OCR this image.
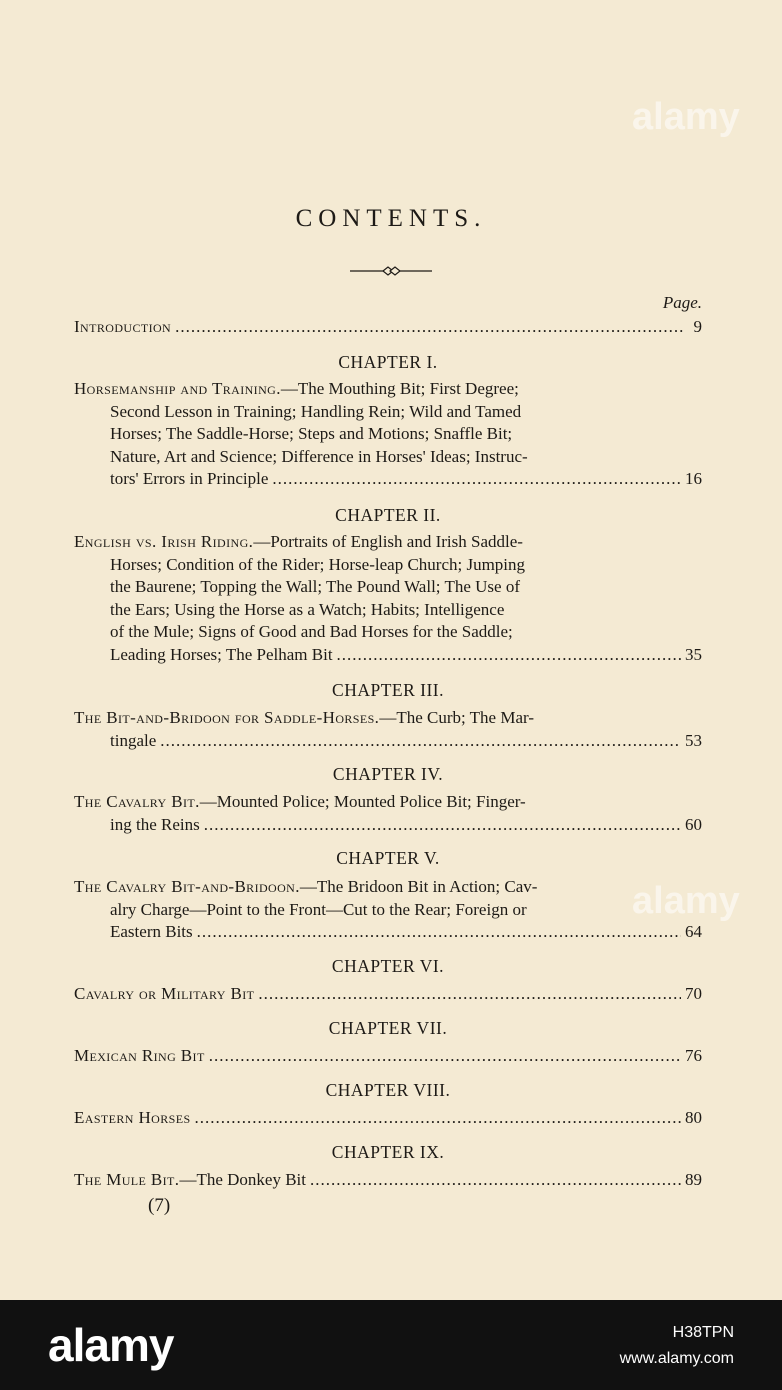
alamy
alamy
CONTENTS.
Page.
Introduction .....	9
CHAPTER I.
Horsemanship and Training.—The Mouthing Bit; First Degree;
Second Lesson in Training; Handling Rein; Wild and Tamed
Horses; The Saddle-Horse; Steps and Motions; Snaffle Bit;
Nature, Art and Science; Difference in Horses' Ideas; Instruc-
tors' Errors in Principle .....	16
CHAPTER II.
English vs. Irish Riding.—Portraits of English and Irish Saddle-
Horses; Condition of the Rider; Horse-leap Church; Jumping
the Baurene; Topping the Wall; The Pound Wall; The Use of
the Ears; Using the Horse as a Watch; Habits; Intelligence
of the Mule; Signs of Good and Bad Horses for the Saddle;
Leading Horses; The Pelham Bit .....	35
CHAPTER III.
The Bit-and-Bridoon for Saddle-Horses.—The Curb; The Mar-
tingale .....	53
CHAPTER IV.
The Cavalry Bit.—Mounted Police; Mounted Police Bit; Finger-
ing the Reins .....	60
CHAPTER V.
The Cavalry Bit-and-Bridoon.—The Bridoon Bit in Action; Cav-
alry Charge—Point to the Front—Cut to the Rear; Foreign or
Eastern Bits .....	64
CHAPTER VI.
Cavalry or Military Bit .....	70
CHAPTER VII.
Mexican Ring Bit .....	76
CHAPTER VIII.
Eastern Horses .....	80
CHAPTER IX.
The Mule Bit.—The Donkey Bit .....	89
(7)
alamy	H38TPN
www.alamy.com
